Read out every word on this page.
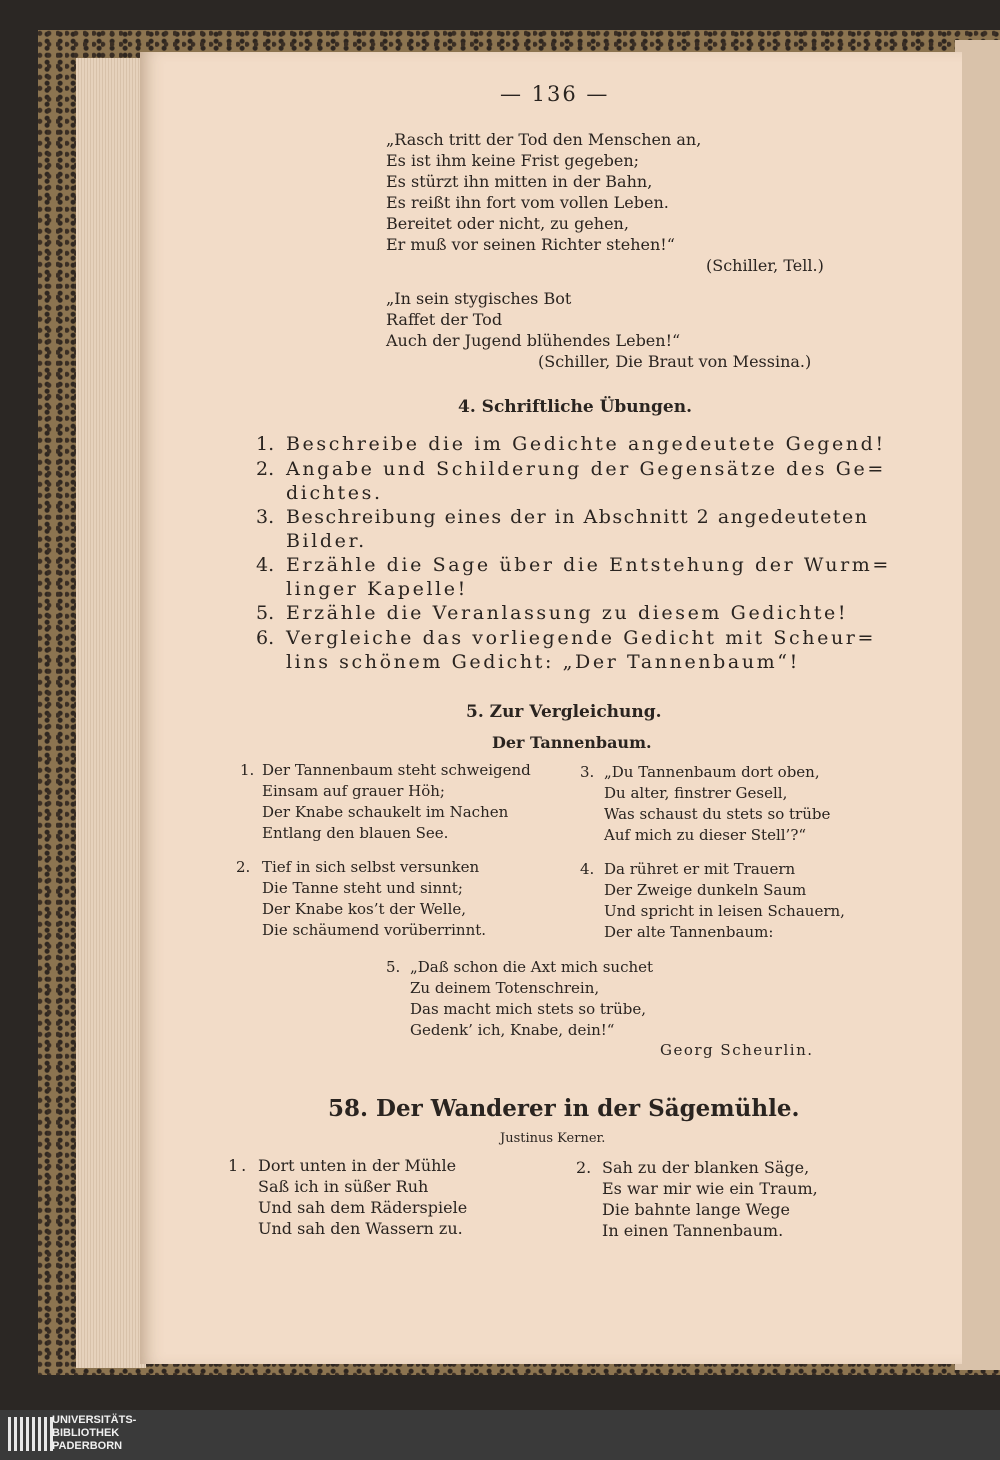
— 136 —
„Rasch tritt der Tod den Menschen an,
Es ist ihm keine Frist gegeben;
Es stürzt ihn mitten in der Bahn,
Es reißt ihn fort vom vollen Leben.
Bereitet oder nicht, zu gehen,
Er muß vor seinen Richter stehen!“
(Schiller, Tell.)
„In sein stygisches Bot
Raffet der Tod
Auch der Jugend blühendes Leben!“
(Schiller, Die Braut von Messina.)
4. Schriftliche Übungen.
1. Beschreibe die im Gedichte angedeutete Gegend!
2. Angabe und Schilderung der Gegensätze des Ge=
dichtes.
3. Beschreibung eines der in Abschnitt 2 angedeuteten
Bilder.
4. Erzähle die Sage über die Entstehung der Wurm=
linger Kapelle!
5. Erzähle die Veranlassung zu diesem Gedichte!
6. Vergleiche das vorliegende Gedicht mit Scheur=
lins schönem Gedicht: „Der Tannenbaum“!
5. Zur Vergleichung.
Der Tannenbaum.
1. Der Tannenbaum steht schweigend
Einsam auf grauer Höh;
Der Knabe schaukelt im Nachen
Entlang den blauen See.
3. „Du Tannenbaum dort oben,
Du alter, finstrer Gesell,
Was schaust du stets so trübe
Auf mich zu dieser Stell’?“
2. Tief in sich selbst versunken
Die Tanne steht und sinnt;
Der Knabe kos’t der Welle,
Die schäumend vorüberrinnt.
4. Da rühret er mit Trauern
Der Zweige dunkeln Saum
Und spricht in leisen Schauern,
Der alte Tannenbaum:
5. „Daß schon die Axt mich suchet
Zu deinem Totenschrein,
Das macht mich stets so trübe,
Gedenk’ ich, Knabe, dein!“
Georg Scheurlin.
58. Der Wanderer in der Sägemühle.
Justinus Kerner.
1. Dort unten in der Mühle
Saß ich in süßer Ruh
Und sah dem Räderspiele
Und sah den Wassern zu.
2. Sah zu der blanken Säge,
Es war mir wie ein Traum,
Die bahnte lange Wege
In einen Tannenbaum.
UNIVERSITÄTS-
BIBLIOTHEK
PADERBORN
